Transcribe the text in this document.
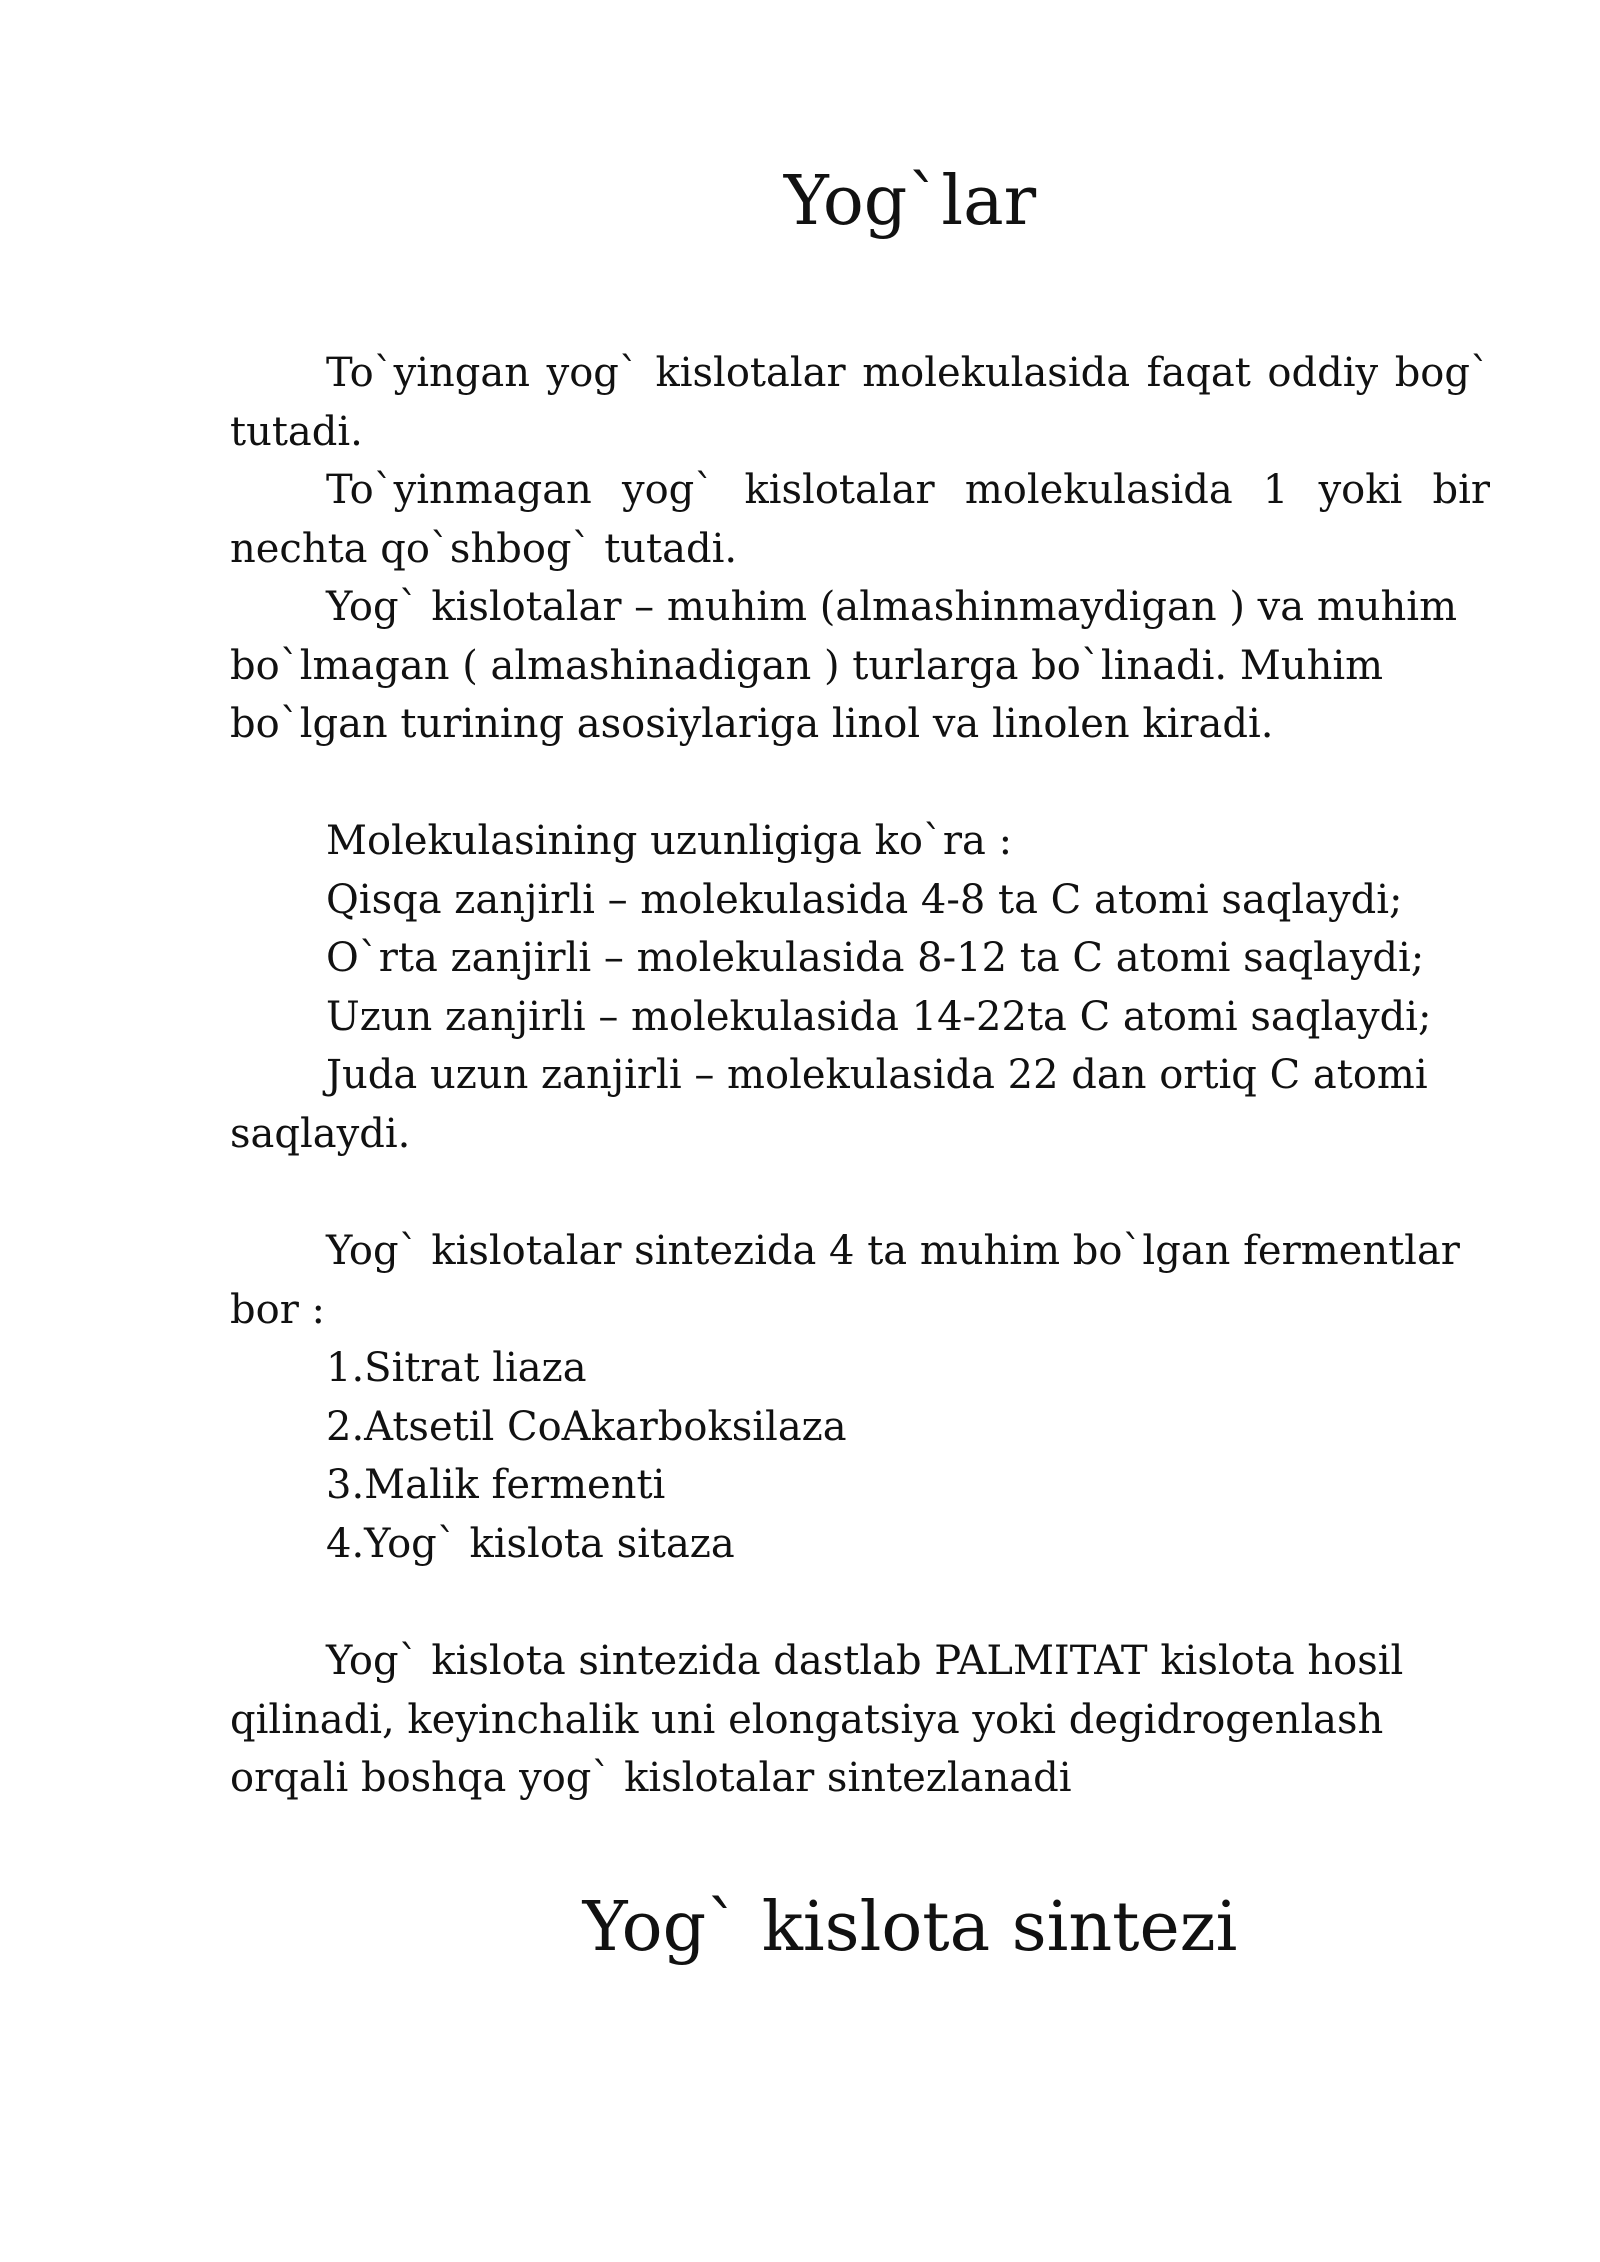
Yog`lar

To`yingan yog` kislotalar molekulasida faqat oddiy bog` tutadi.

To`yinmagan yog` kislotalar molekulasida 1 yoki bir nechta qo`shbog` tutadi.

Yog` kislotalar – muhim (almashinmaydigan ) va muhim
bo`lmagan ( almashinadigan ) turlarga bo`linadi. Muhim
bo`lgan turining asosiylariga linol va linolen kiradi.

Molekulasining uzunligiga ko`ra :

Qisqa zanjirli – molekulasida 4-8 ta C atomi saqlaydi;

O`rta zanjirli – molekulasida 8-12 ta C atomi saqlaydi;

Uzun zanjirli – molekulasida 14-22ta C atomi saqlaydi;

Juda uzun zanjirli – molekulasida 22 dan ortiq C atomi saqlaydi.

Yog` kislotalar sintezida 4 ta muhim bo`lgan fermentlar bor :

1.Sitrat liaza

2.Atsetil CoAkarboksilaza

3.Malik fermenti

4.Yog` kislota sitaza

Yog` kislota sintezida dastlab PALMITAT kislota hosil
qilinadi, keyinchalik uni elongatsiya yoki degidrogenlash
orqali boshqa yog` kislotalar sintezlanadi

Yog` kislota sintezi
